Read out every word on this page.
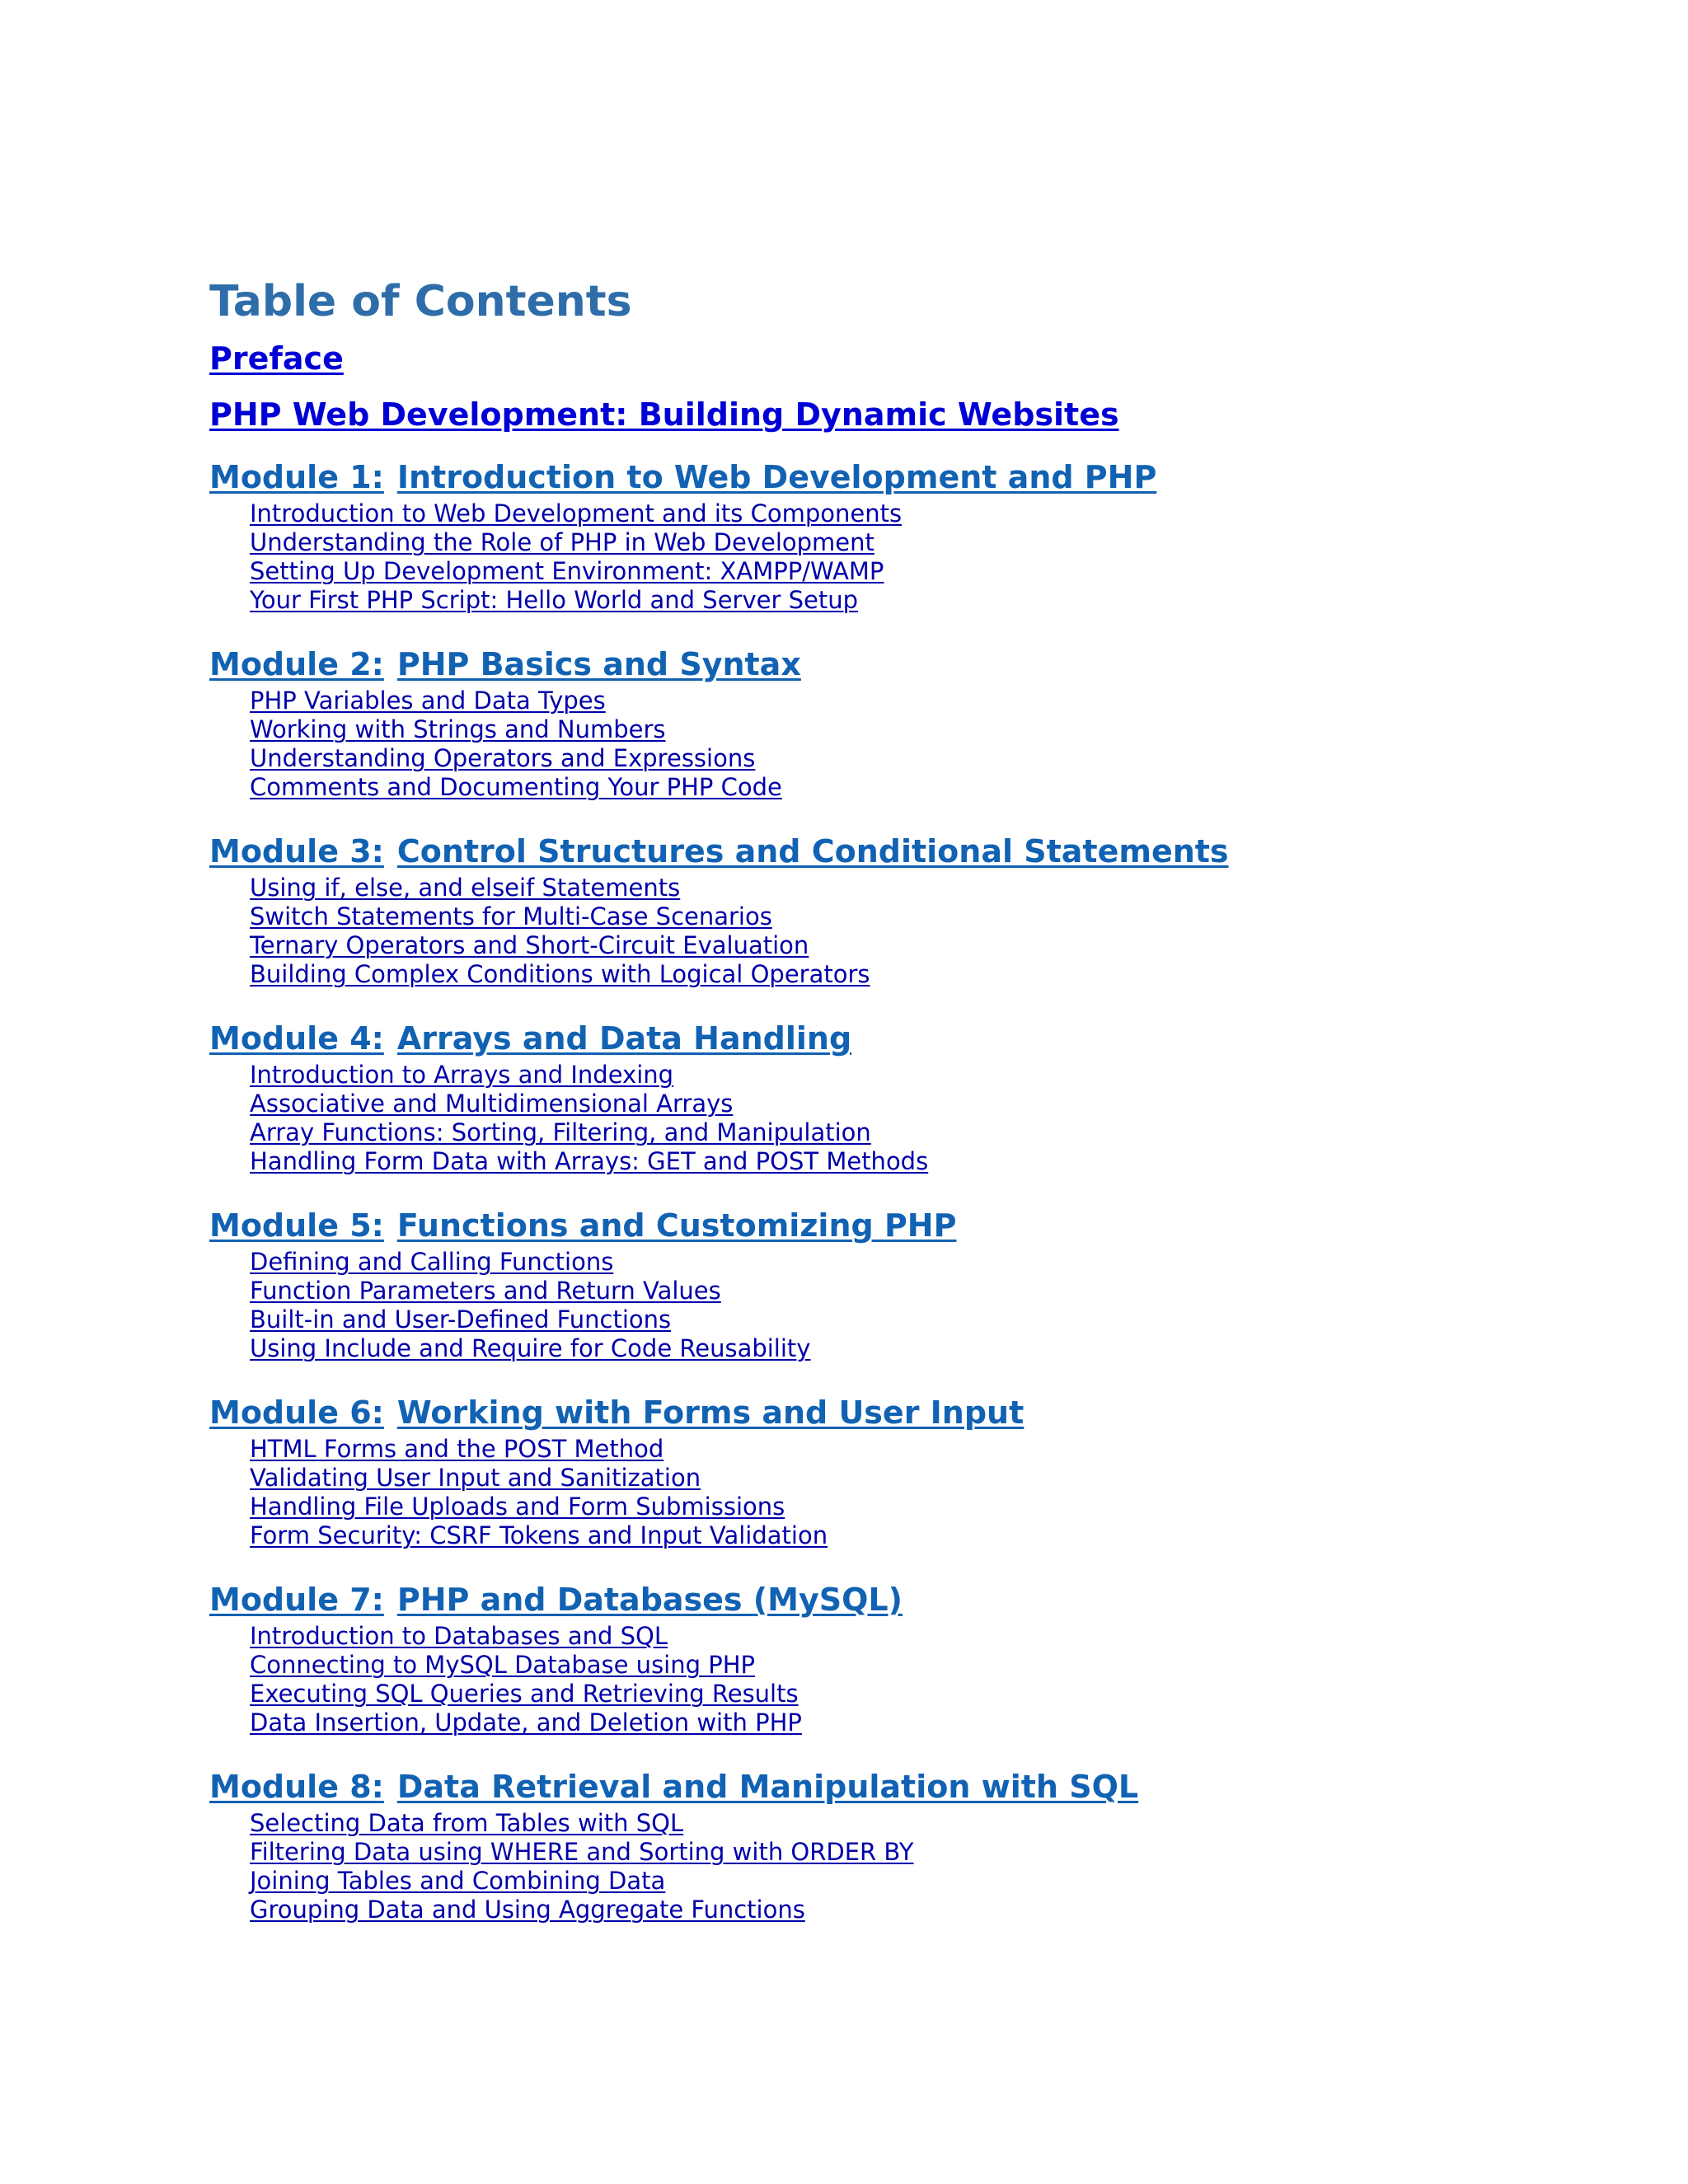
Table of Contents
Preface
PHP Web Development: Building Dynamic Websites
Module 1: Introduction to Web Development and PHP
Introduction to Web Development and its Components
Understanding the Role of PHP in Web Development
Setting Up Development Environment: XAMPP/WAMP
Your First PHP Script: Hello World and Server Setup
Module 2: PHP Basics and Syntax
PHP Variables and Data Types
Working with Strings and Numbers
Understanding Operators and Expressions
Comments and Documenting Your PHP Code
Module 3: Control Structures and Conditional Statements
Using if, else, and elseif Statements
Switch Statements for Multi-Case Scenarios
Ternary Operators and Short-Circuit Evaluation
Building Complex Conditions with Logical Operators
Module 4: Arrays and Data Handling
Introduction to Arrays and Indexing
Associative and Multidimensional Arrays
Array Functions: Sorting, Filtering, and Manipulation
Handling Form Data with Arrays: GET and POST Methods
Module 5: Functions and Customizing PHP
Defining and Calling Functions
Function Parameters and Return Values
Built-in and User-Defined Functions
Using Include and Require for Code Reusability
Module 6: Working with Forms and User Input
HTML Forms and the POST Method
Validating User Input and Sanitization
Handling File Uploads and Form Submissions
Form Security: CSRF Tokens and Input Validation
Module 7: PHP and Databases (MySQL)
Introduction to Databases and SQL
Connecting to MySQL Database using PHP
Executing SQL Queries and Retrieving Results
Data Insertion, Update, and Deletion with PHP
Module 8: Data Retrieval and Manipulation with SQL
Selecting Data from Tables with SQL
Filtering Data using WHERE and Sorting with ORDER BY
Joining Tables and Combining Data
Grouping Data and Using Aggregate Functions
